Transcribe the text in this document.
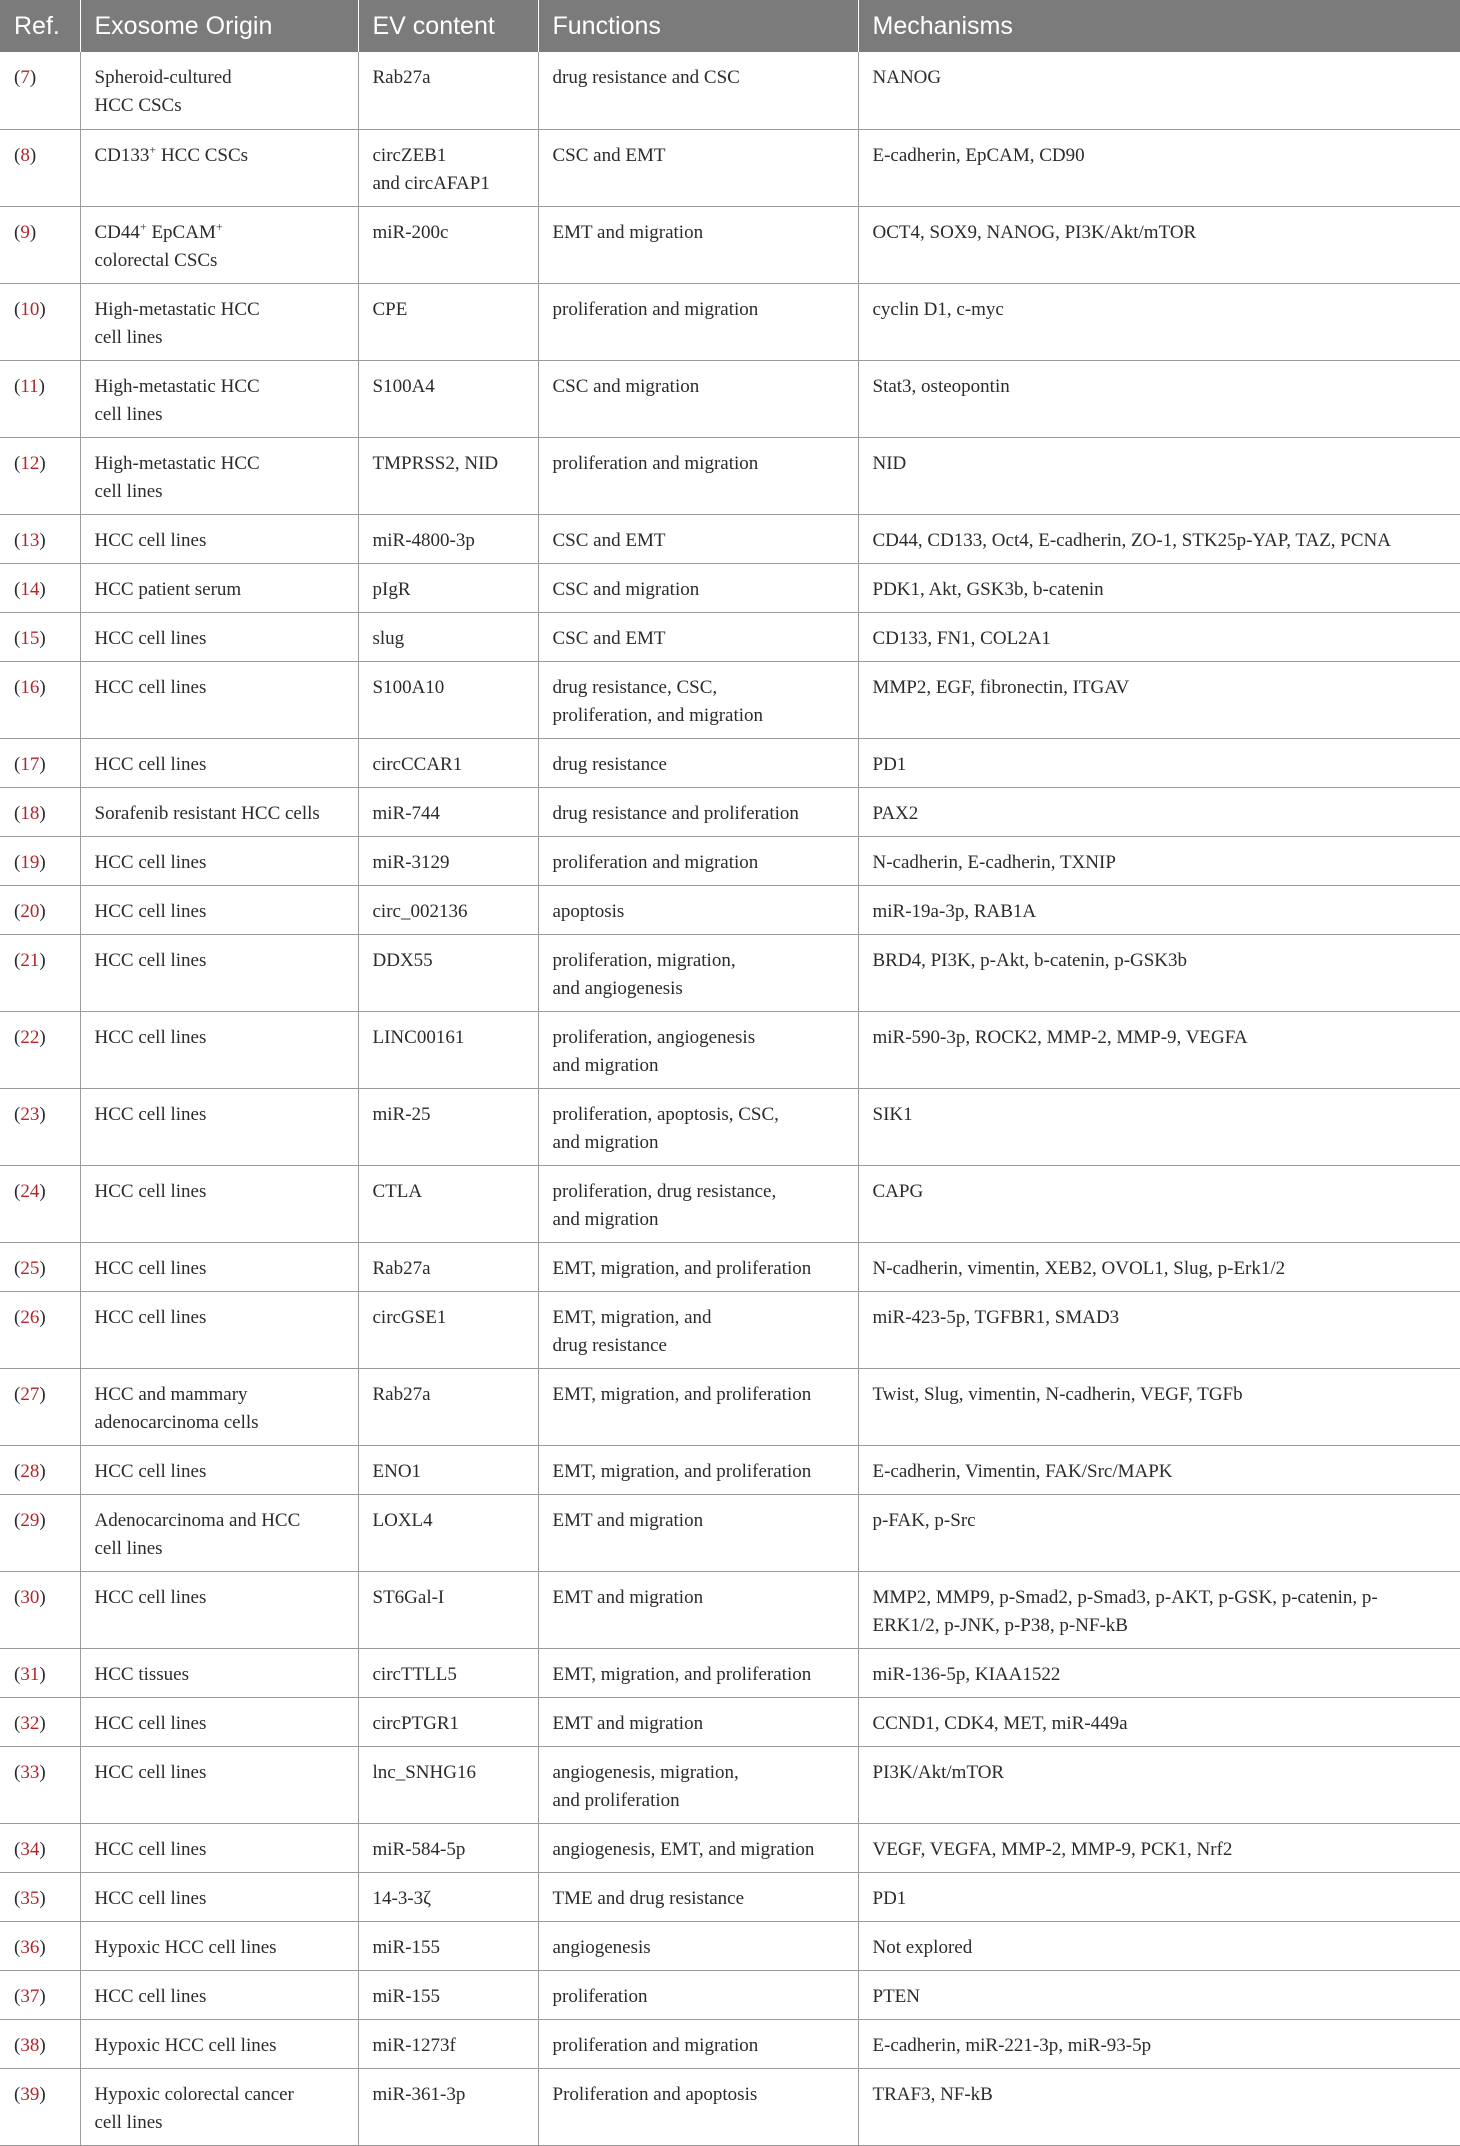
Ref.	Exosome Origin	EV content	Functions	Mechanisms
(7)	Spheroid-cultured
HCC CSCs	Rab27a	drug resistance and CSC	NANOG
(8)	CD133+ HCC CSCs	circZEB1
and circAFAP1	CSC and EMT	E-cadherin, EpCAM, CD90
(9)	CD44+ EpCAM+
colorectal CSCs	miR-200c	EMT and migration	OCT4, SOX9, NANOG, PI3K/Akt/mTOR
(10)	High-metastatic HCC
cell lines	CPE	proliferation and migration	cyclin D1, c-myc
(11)	High-metastatic HCC
cell lines	S100A4	CSC and migration	Stat3, osteopontin
(12)	High-metastatic HCC
cell lines	TMPRSS2, NID	proliferation and migration	NID
(13)	HCC cell lines	miR-4800-3p	CSC and EMT	CD44, CD133, Oct4, E-cadherin, ZO-1, STK25p-YAP, TAZ, PCNA
(14)	HCC patient serum	pIgR	CSC and migration	PDK1, Akt, GSK3b, b-catenin
(15)	HCC cell lines	slug	CSC and EMT	CD133, FN1, COL2A1
(16)	HCC cell lines	S100A10	drug resistance, CSC,
proliferation, and migration	MMP2, EGF, fibronectin, ITGAV
(17)	HCC cell lines	circCCAR1	drug resistance	PD1
(18)	Sorafenib resistant HCC cells	miR-744	drug resistance and proliferation	PAX2
(19)	HCC cell lines	miR-3129	proliferation and migration	N-cadherin, E-cadherin, TXNIP
(20)	HCC cell lines	circ_002136	apoptosis	miR-19a-3p, RAB1A
(21)	HCC cell lines	DDX55	proliferation, migration,
and angiogenesis	BRD4, PI3K, p-Akt, b-catenin, p-GSK3b
(22)	HCC cell lines	LINC00161	proliferation, angiogenesis
and migration	miR-590-3p, ROCK2, MMP-2, MMP-9, VEGFA
(23)	HCC cell lines	miR-25	proliferation, apoptosis, CSC,
and migration	SIK1
(24)	HCC cell lines	CTLA	proliferation, drug resistance,
and migration	CAPG
(25)	HCC cell lines	Rab27a	EMT, migration, and proliferation	N-cadherin, vimentin, XEB2, OVOL1, Slug, p-Erk1/2
(26)	HCC cell lines	circGSE1	EMT, migration, and
drug resistance	miR-423-5p, TGFBR1, SMAD3
(27)	HCC and mammary
adenocarcinoma cells	Rab27a	EMT, migration, and proliferation	Twist, Slug, vimentin, N-cadherin, VEGF, TGFb
(28)	HCC cell lines	ENO1	EMT, migration, and proliferation	E-cadherin, Vimentin, FAK/Src/MAPK
(29)	Adenocarcinoma and HCC
cell lines	LOXL4	EMT and migration	p-FAK, p-Src
(30)	HCC cell lines	ST6Gal-I	EMT and migration	MMP2, MMP9, p-Smad2, p-Smad3, p-AKT, p-GSK, p-catenin, p-
ERK1/2, p-JNK, p-P38, p-NF-kB
(31)	HCC tissues	circTTLL5	EMT, migration, and proliferation	miR-136-5p, KIAA1522
(32)	HCC cell lines	circPTGR1	EMT and migration	CCND1, CDK4, MET, miR-449a
(33)	HCC cell lines	lnc_SNHG16	angiogenesis, migration,
and proliferation	PI3K/Akt/mTOR
(34)	HCC cell lines	miR-584-5p	angiogenesis, EMT, and migration	VEGF, VEGFA, MMP-2, MMP-9, PCK1, Nrf2
(35)	HCC cell lines	14-3-3ζ	TME and drug resistance	PD1
(36)	Hypoxic HCC cell lines	miR-155	angiogenesis	Not explored
(37)	HCC cell lines	miR-155	proliferation	PTEN
(38)	Hypoxic HCC cell lines	miR-1273f	proliferation and migration	E-cadherin, miR-221-3p, miR-93-5p
(39)	Hypoxic colorectal cancer
cell lines	miR-361-3p	Proliferation and apoptosis	TRAF3, NF-kB
